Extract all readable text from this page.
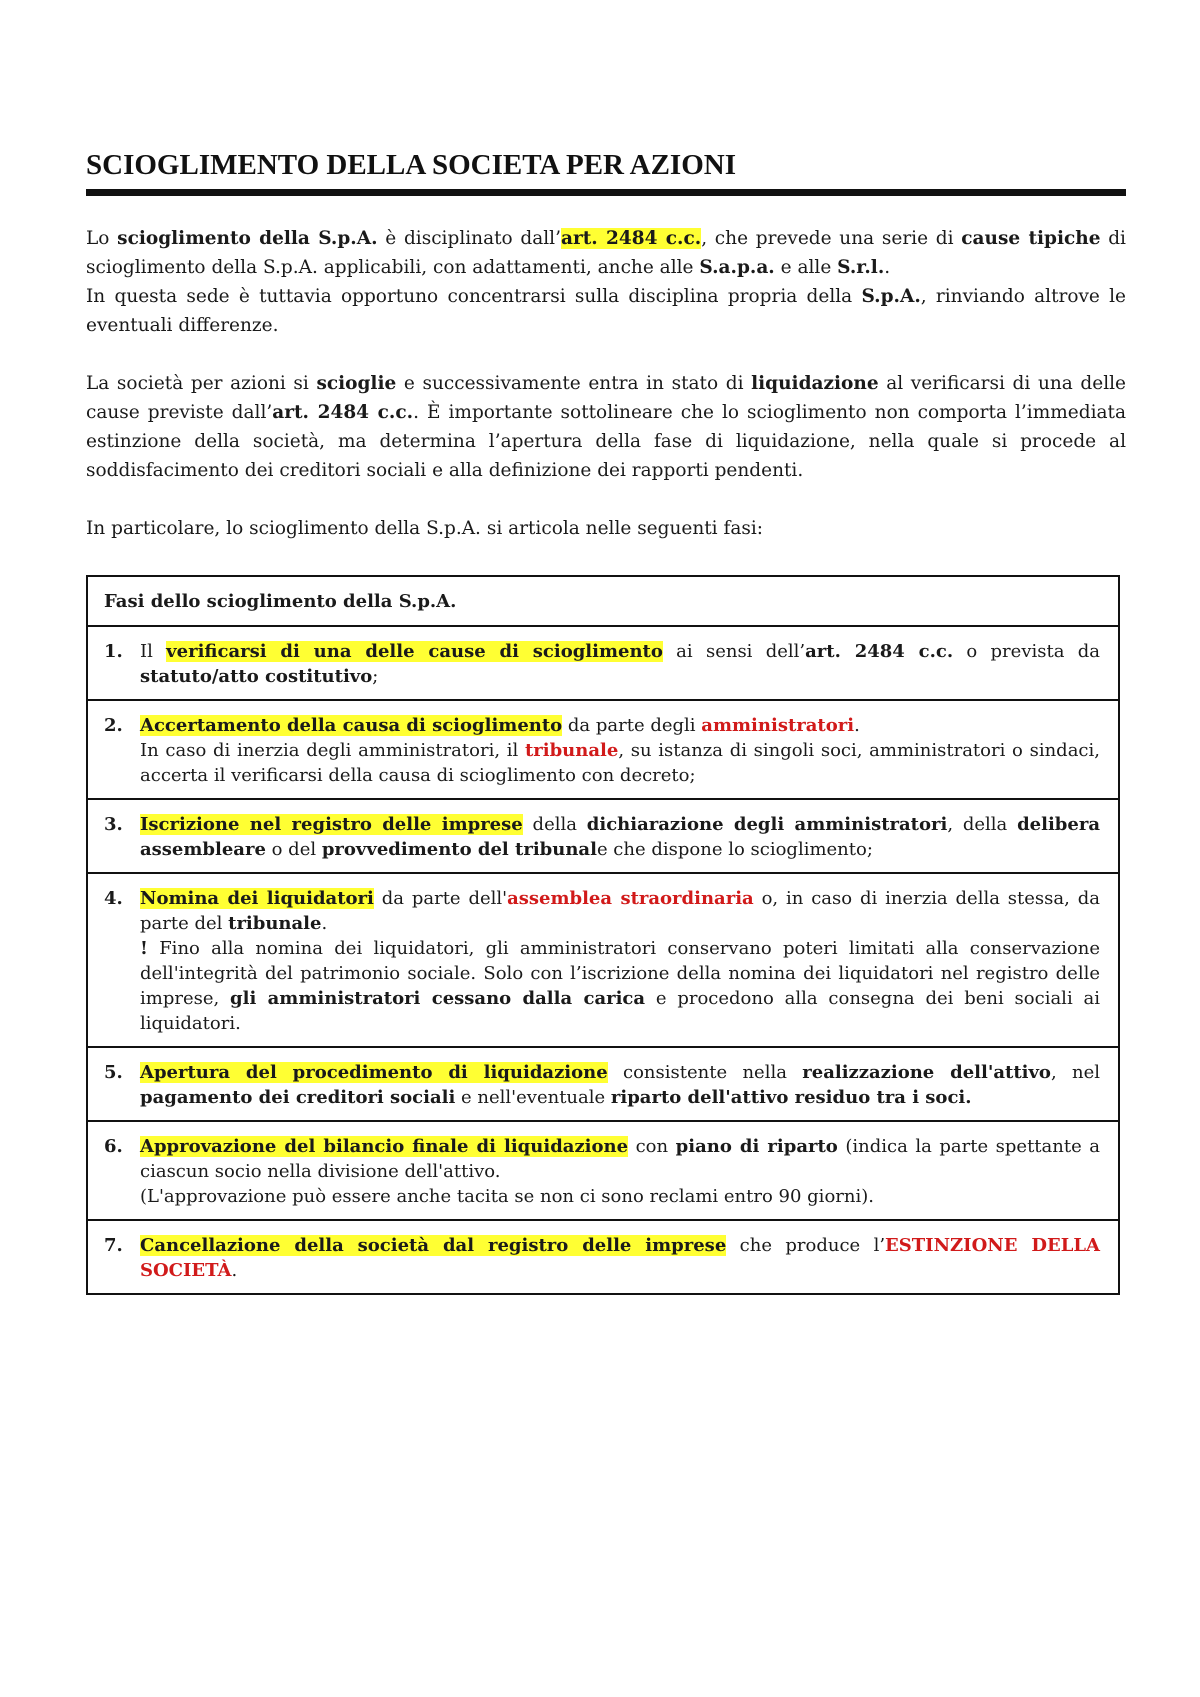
SCIOGLIMENTO DELLA SOCIETA PER AZIONI

Lo scioglimento della S.p.A. è disciplinato dall’art. 2484 c.c., che prevede una serie di cause tipiche di scioglimento della S.p.A. applicabili, con adattamenti, anche alle S.a.p.a. e alle S.r.l..

In questa sede è tuttavia opportuno concentrarsi sulla disciplina propria della S.p.A., rinviando altrove le eventuali differenze.

La società per azioni si scioglie e successivamente entra in stato di liquidazione al verificarsi di una delle cause previste dall’art. 2484 c.c.. È importante sottolineare che lo scioglimento non comporta l’immediata estinzione della società, ma determina l’apertura della fase di liquidazione, nella quale si procede al soddisfacimento dei creditori sociali e alla definizione dei rapporti pendenti.

In particolare, lo scioglimento della S.p.A. si articola nelle seguenti fasi:

Fasi dello scioglimento della S.p.A.
1. Il verificarsi di una delle cause di scioglimento ai sensi dell’art. 2484 c.c. o prevista da statuto/atto costitutivo;
2. Accertamento della causa di scioglimento da parte degli amministratori.
In caso di inerzia degli amministratori, il tribunale, su istanza di singoli soci, amministratori o sindaci, accerta il verificarsi della causa di scioglimento con decreto;
3. Iscrizione nel registro delle imprese della dichiarazione degli amministratori, della delibera assembleare o del provvedimento del tribunale che dispone lo scioglimento;
4. Nomina dei liquidatori da parte dell'assemblea straordinaria o, in caso di inerzia della stessa, da parte del tribunale.
! Fino alla nomina dei liquidatori, gli amministratori conservano poteri limitati alla conservazione dell'integrità del patrimonio sociale. Solo con l’iscrizione della nomina dei liquidatori nel registro delle imprese, gli amministratori cessano dalla carica e procedono alla consegna dei beni sociali ai liquidatori.
5. Apertura del procedimento di liquidazione consistente nella realizzazione dell'attivo, nel pagamento dei creditori sociali e nell'eventuale riparto dell'attivo residuo tra i soci.
6. Approvazione del bilancio finale di liquidazione con piano di riparto (indica la parte spettante a ciascun socio nella divisione dell'attivo.
(L'approvazione può essere anche tacita se non ci sono reclami entro 90 giorni).
7. Cancellazione della società dal registro delle imprese che produce l’ESTINZIONE DELLA SOCIETÀ.
